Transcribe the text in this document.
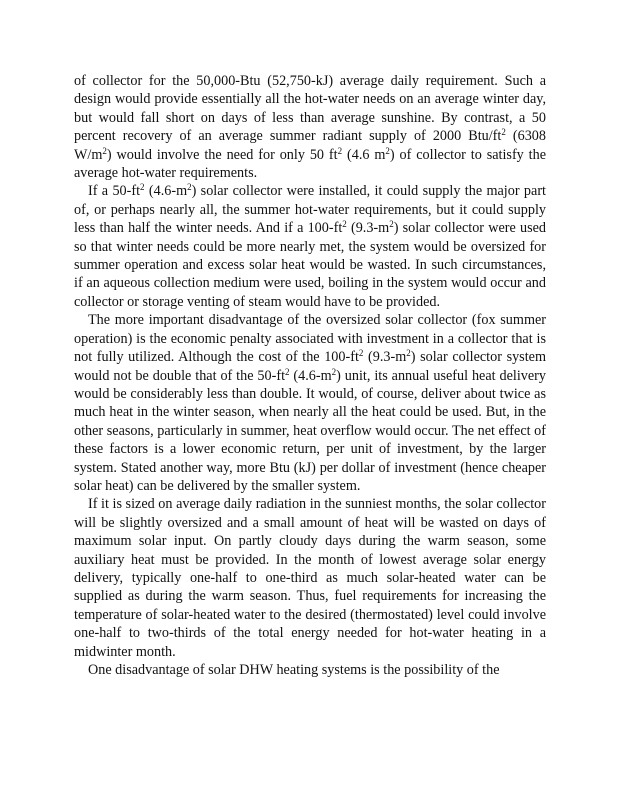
of collector for the 50,000-Btu (52,750-kJ) average daily requirement. Such a design would provide essentially all the hot-water needs on an average winter day, but would fall short on days of less than average sunshine. By contrast, a 50 percent recovery of an average summer radiant supply of 2000 Btu/$ft^2$ (6308 $W/m^2$) would involve the need for only 50 $ft^2$ (4.6 $m^2$) of collector to satisfy the average hot-water requirements.

If a $50-ft^2$ $(4.6-m^2)$ solar collector were installed, it could supply the major part of, or perhaps nearly all, the summer hot-water requirements, but it could supply less than half the winter needs. And if a $100-ft^2$ $(9.3-m^2)$ solar collector were used so that winter needs could be more nearly met, the system would be oversized for summer operation and excess solar heat would be wasted. In such circumstances, if an aqueous collection medium were used, boiling in the system would occur and collector or storage venting of steam would have to be provided.

The more important disadvantage of the oversized solar collector (fox summer operation) is the economic penalty associated with investment in a collector that is not fully utilized. Although the cost of the $100-ft^2$ $(9.3-m^2)$ solar collector system would not be double that of the $50-ft^2$ $(4.6-m^2)$ unit, its annual useful heat delivery would be considerably less than double. It would, of course, deliver about twice as much heat in the winter season, when nearly all the heat could be used. But, in the other seasons, particularly in summer, heat overflow would occur. The net effect of these factors is a lower economic return, per unit of investment, by the larger system. Stated another way, more Btu (kJ) per dollar of investment (hence cheaper solar heat) can be delivered by the smaller system.

If it is sized on average daily radiation in the sunniest months, the solar collector will be slightly oversized and a small amount of heat will be wasted on days of maximum solar input. On partly cloudy days during the warm season, some auxiliary heat must be provided. In the month of lowest average solar energy delivery, typically one-half to one-third as much solar-heated water can be supplied as during the warm season. Thus, fuel requirements for increasing the temperature of solar-heated water to the desired (thermostated) level could involve one-half to two-thirds of the total energy needed for hot-water heating in a midwinter month.

One disadvantage of solar DHW heating systems is the possibility of the
